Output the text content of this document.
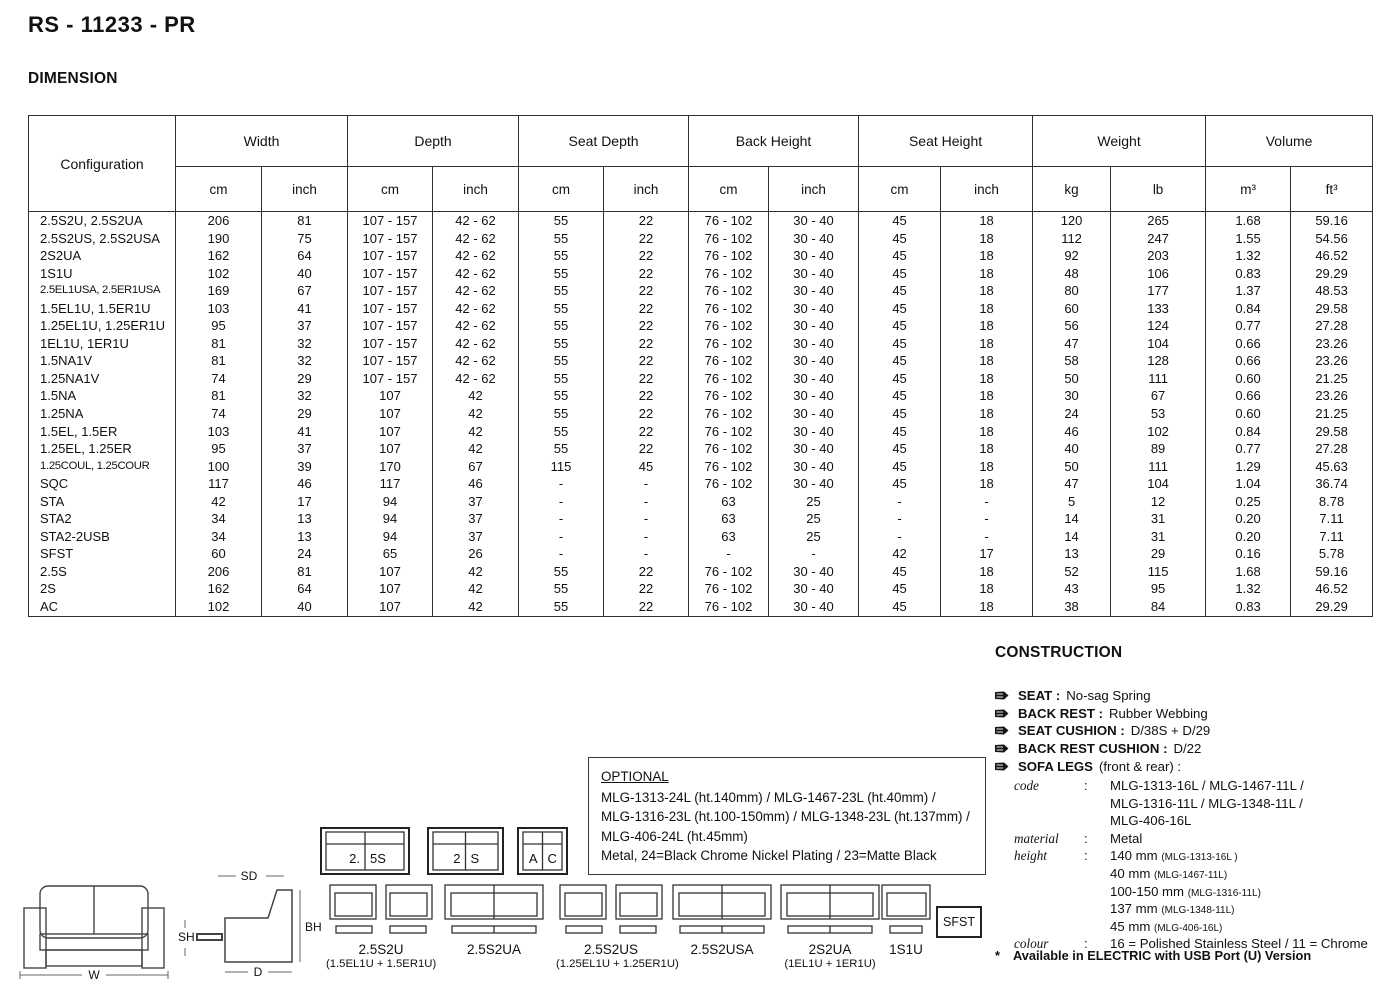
RS - 11233 - PR
DIMENSION
Configuration	Width		Depth		Seat Depth		Back Height		Seat Height		Weight		Volume	
	cm	inch	cm	inch	cm	inch	cm	inch	cm	inch	kg	lb	m³	ft³
2.5S2U, 2.5S2UA	206	81	107 - 157	42 - 62	55	22	76 - 102	30 - 40	45	18	120	265	1.68	59.16
2.5S2US, 2.5S2USA	190	75	107 - 157	42 - 62	55	22	76 - 102	30 - 40	45	18	112	247	1.55	54.56
2S2UA	162	64	107 - 157	42 - 62	55	22	76 - 102	30 - 40	45	18	92	203	1.32	46.52
1S1U	102	40	107 - 157	42 - 62	55	22	76 - 102	30 - 40	45	18	48	106	0.83	29.29
2.5EL1USA, 2.5ER1USA	169	67	107 - 157	42 - 62	55	22	76 - 102	30 - 40	45	18	80	177	1.37	48.53
1.5EL1U, 1.5ER1U	103	41	107 - 157	42 - 62	55	22	76 - 102	30 - 40	45	18	60	133	0.84	29.58
1.25EL1U, 1.25ER1U	95	37	107 - 157	42 - 62	55	22	76 - 102	30 - 40	45	18	56	124	0.77	27.28
1EL1U, 1ER1U	81	32	107 - 157	42 - 62	55	22	76 - 102	30 - 40	45	18	47	104	0.66	23.26
1.5NA1V	81	32	107 - 157	42 - 62	55	22	76 - 102	30 - 40	45	18	58	128	0.66	23.26
1.25NA1V	74	29	107 - 157	42 - 62	55	22	76 - 102	30 - 40	45	18	50	111	0.60	21.25
1.5NA	81	32	107	42	55	22	76 - 102	30 - 40	45	18	30	67	0.66	23.26
1.25NA	74	29	107	42	55	22	76 - 102	30 - 40	45	18	24	53	0.60	21.25
1.5EL, 1.5ER	103	41	107	42	55	22	76 - 102	30 - 40	45	18	46	102	0.84	29.58
1.25EL, 1.25ER	95	37	107	42	55	22	76 - 102	30 - 40	45	18	40	89	0.77	27.28
1.25COUL, 1.25COUR	100	39	170	67	115	45	76 - 102	30 - 40	45	18	50	111	1.29	45.63
SQC	117	46	117	46	-	-	76 - 102	30 - 40	45	18	47	104	1.04	36.74
STA	42	17	94	37	-	-	63	25	-	-	5	12	0.25	8.78
STA2	34	13	94	37	-	-	63	25	-	-	14	31	0.20	7.11
STA2-2USB	34	13	94	37	-	-	63	25	-	-	14	31	0.20	7.11
SFST	60	24	65	26	-	-	-	-	42	17	13	29	0.16	5.78
2.5S	206	81	107	42	55	22	76 - 102	30 - 40	45	18	52	115	1.68	59.16
2S	162	64	107	42	55	22	76 - 102	30 - 40	45	18	43	95	1.32	46.52
AC	102	40	107	42	55	22	76 - 102	30 - 40	45	18	38	84	0.83	29.29
CONSTRUCTION
SEAT : No-sag Spring
BACK REST : Rubber Webbing
SEAT CUSHION : D/38S + D/29
BACK REST CUSHION : D/22
SOFA LEGS (front & rear) :
code	:	MLG-1313-16L / MLG-1467-11L /
MLG-1316-11L / MLG-1348-11L /
MLG-406-16L
material	:	Metal
height	:	140 mm (MLG-1313-16L )
40 mm (MLG-1467-11L)
100-150 mm (MLG-1316-11L)
137 mm (MLG-1348-11L)
45 mm (MLG-406-16L)
colour	:	16 = Polished Stainless Steel / 11 = Chrome
*	Available in ELECTRIC with USB Port (U) Version
OPTIONAL
MLG-1313-24L (ht.140mm) / MLG-1467-23L (ht.40mm) /
MLG-1316-23L (ht.100-150mm) / MLG-1348-23L (ht.137mm) /
MLG-406-24L (ht.45mm)
Metal, 24=Black Chrome Nickel Plating / 23=Matte Black
W
SD
SH
BH
D
2. 5S	2 S	A C
2.5S2U
(1.5EL1U + 1.5ER1U)
2.5S2UA	2.5S2US
(1.25EL1U + 1.25ER1U)
2.5S2USA	2S2UA
(1EL1U + 1ER1U)
1S1U
SFST
